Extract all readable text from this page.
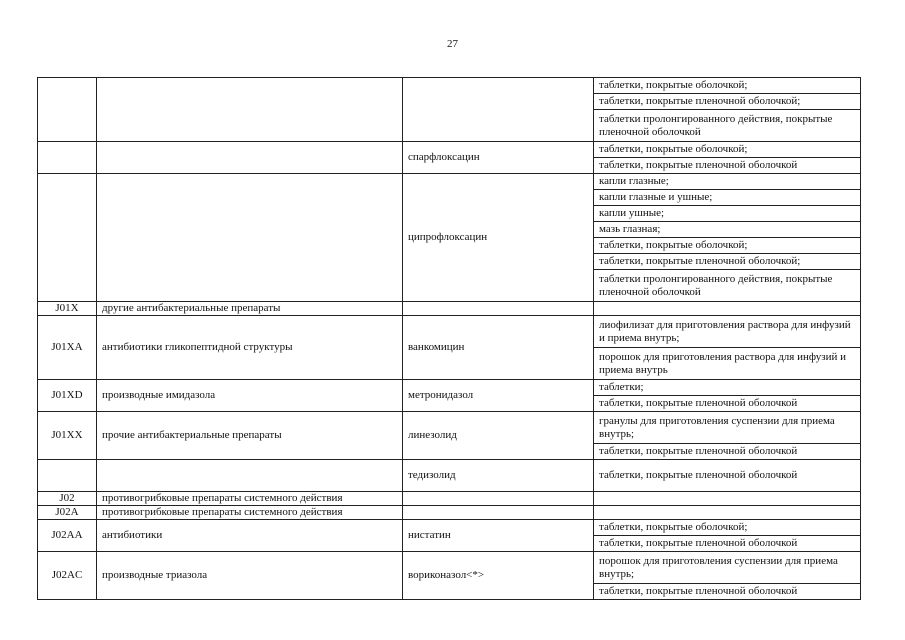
27
			таблетки, покрытые оболочкой;
			таблетки, покрытые пленочной оболочкой;
			таблетки пролонгированного действия, покрытые пленочной оболочкой
		спарфлоксацин	таблетки, покрытые оболочкой;
			таблетки, покрытые пленочной оболочкой
		ципрофлоксацин	капли глазные;
			капли глазные и ушные;
			капли ушные;
			мазь глазная;
			таблетки, покрытые оболочкой;
			таблетки, покрытые пленочной оболочкой;
			таблетки пролонгированного действия, покрытые пленочной оболочкой
J01X	другие антибактериальные препараты		
J01XA	антибиотики гликопептидной структуры	ванкомицин	лиофилизат для приготовления раствора для инфузий и приема внутрь;
			порошок для приготовления раствора для инфузий и приема внутрь
J01XD	производные имидазола	метронидазол	таблетки;
			таблетки, покрытые пленочной оболочкой
J01XX	прочие антибактериальные препараты	линезолид	гранулы для приготовления суспензии для приема внутрь;
			таблетки, покрытые пленочной оболочкой
		тедизолид	таблетки, покрытые пленочной оболочкой
J02	противогрибковые препараты системного действия		
J02A	противогрибковые препараты системного действия		
J02AA	антибиотики	нистатин	таблетки, покрытые оболочкой;
			таблетки, покрытые пленочной оболочкой
J02AC	производные триазола	вориконазол<*>	порошок для приготовления суспензии для приема внутрь;
			таблетки, покрытые пленочной оболочкой
